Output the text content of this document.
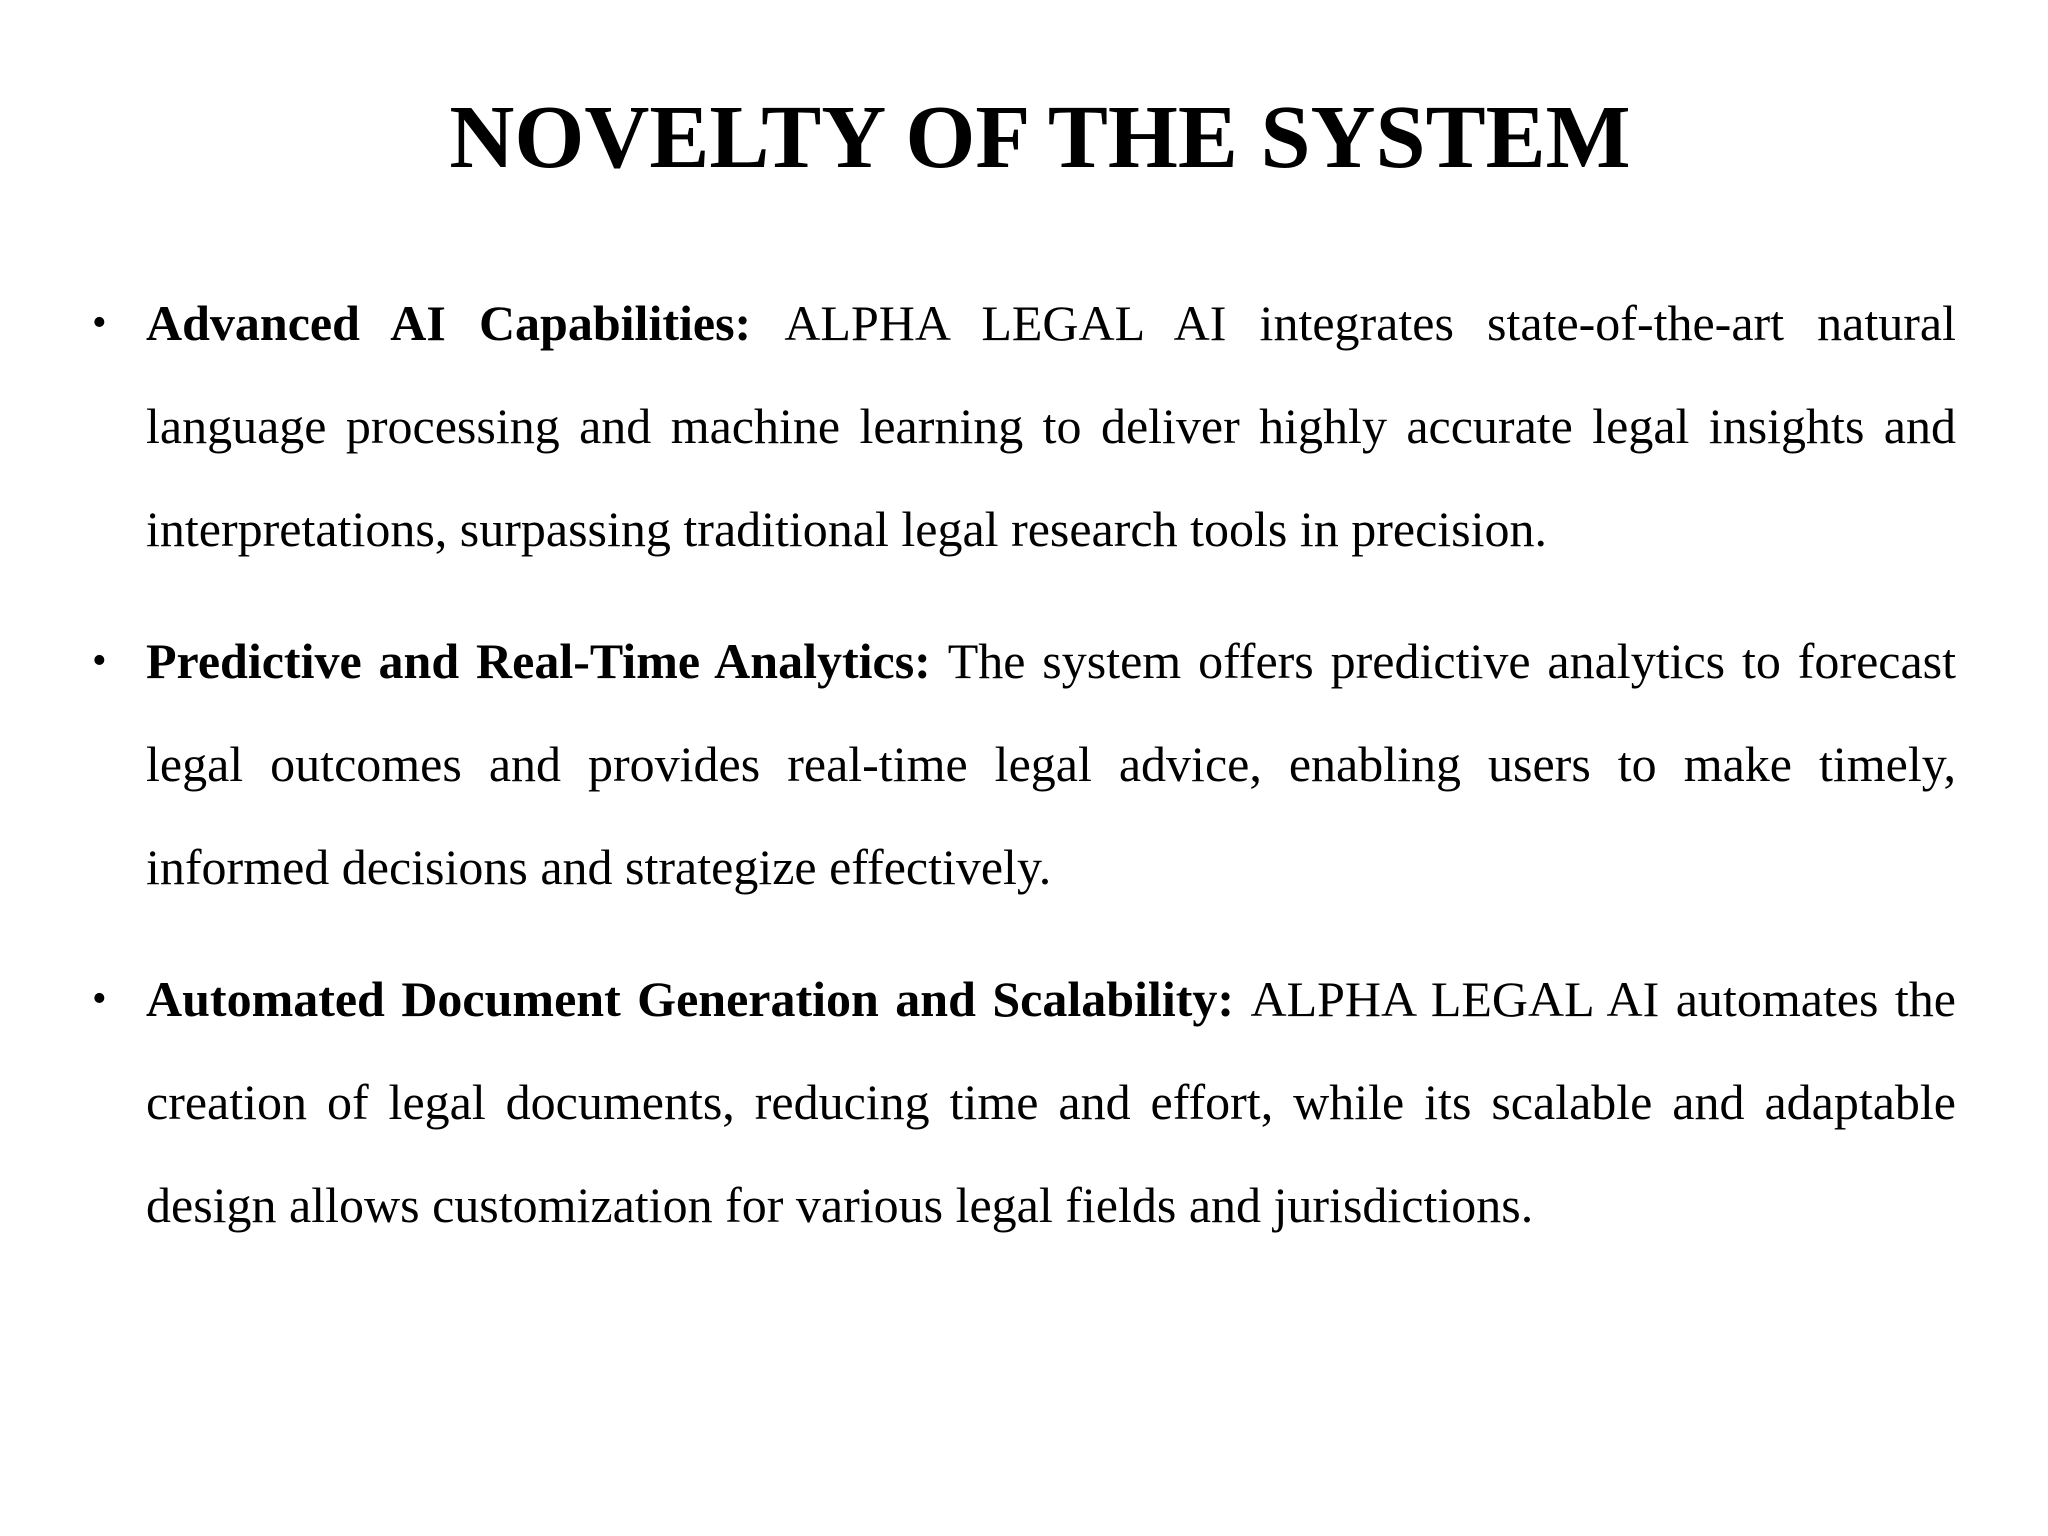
NOVELTY OF THE SYSTEM
• Advanced AI Capabilities: ALPHA LEGAL AI integrates state-of-the-art natural language processing and machine learning to deliver highly accurate legal insights and interpretations, surpassing traditional legal research tools in precision.
• Predictive and Real-Time Analytics: The system offers predictive analytics to forecast legal outcomes and provides real-time legal advice, enabling users to make timely, informed decisions and strategize effectively.
• Automated Document Generation and Scalability: ALPHA LEGAL AI automates the creation of legal documents, reducing time and effort, while its scalable and adaptable design allows customization for various legal fields and jurisdictions.
